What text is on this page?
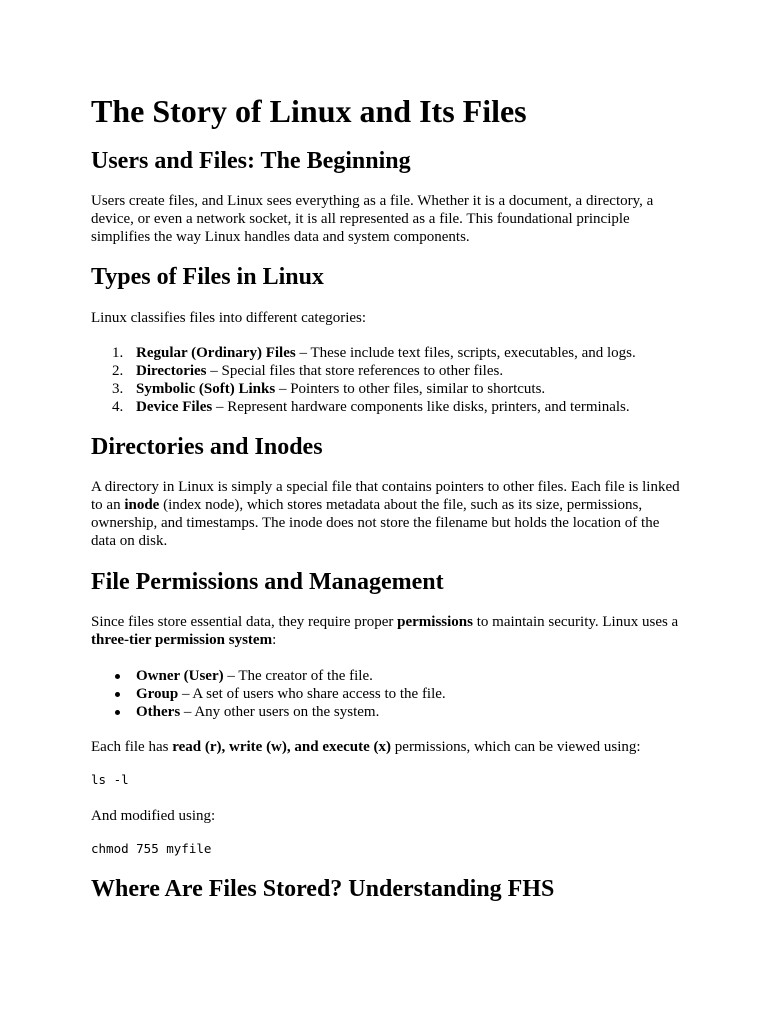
The Story of Linux and Its Files
Users and Files: The Beginning

Users create files, and Linux sees everything as a file. Whether it is a document, a directory, a device, or even a network socket, it is all represented as a file. This foundational principle simplifies the way Linux handles data and system components.

Types of Files in Linux

Linux classifies files into different categories:

1. Regular (Ordinary) Files – These include text files, scripts, executables, and logs.
2. Directories – Special files that store references to other files.
3. Symbolic (Soft) Links – Pointers to other files, similar to shortcuts.
4. Device Files – Represent hardware components like disks, printers, and terminals.
Directories and Inodes

A directory in Linux is simply a special file that contains pointers to other files. Each file is linked to an inode (index node), which stores metadata about the file, such as its size, permissions, ownership, and timestamps. The inode does not store the filename but holds the location of the data on disk.

File Permissions and Management

Since files store essential data, they require proper permissions to maintain security. Linux uses a three-tier permission system:

Owner (User) – The creator of the file.
Group – A set of users who share access to the file.
Others – Any other users on the system.

Each file has read (r), write (w), and execute (x) permissions, which can be viewed using:

ls -l

And modified using:

chmod 755 myfile
Where Are Files Stored? Understanding FHS
